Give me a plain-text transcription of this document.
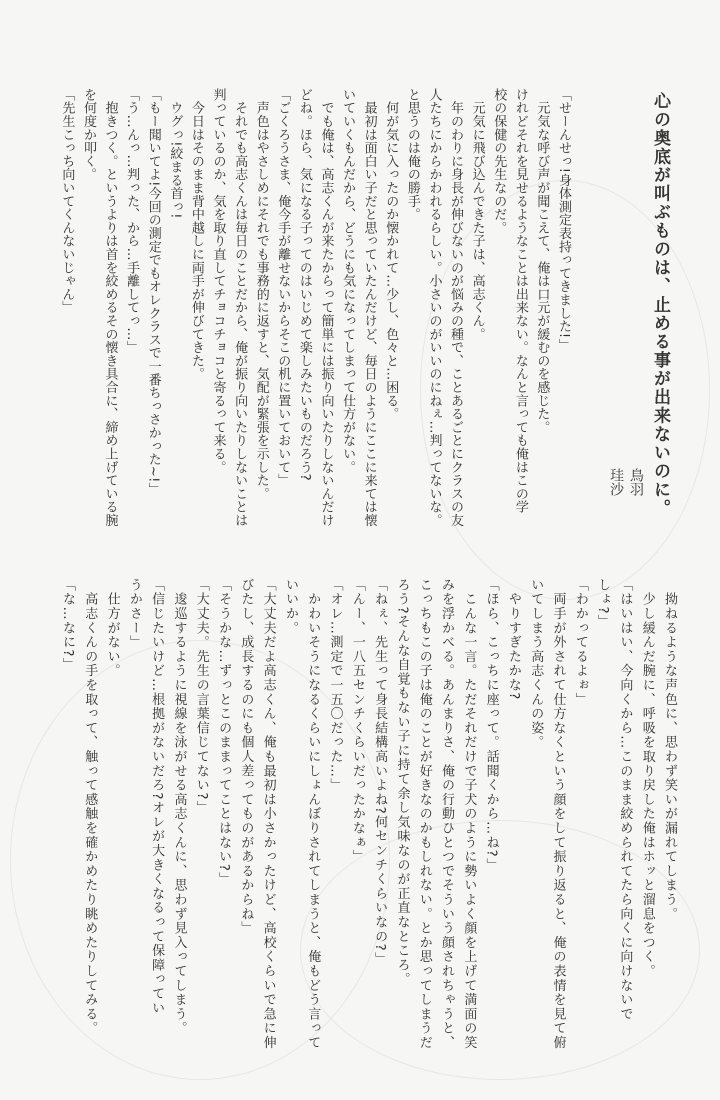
心の奥底が叫ぶものは、止める事が出来ないのに。
鳥羽
珪沙

「せーんせっ!身体測定表持ってきました!」

　元気な呼び声が聞こえて、俺は口元が緩むのを感じた。

けれどそれを見せるようなことは出来ない。なんと言っても俺はこの学

校の保健の先生なのだ。

　元気に飛び込んできた子は、高志くん。

　年のわりに身長が伸びないのが悩みの種で、ことあるごとにクラスの友

人たちにからかわれるらしい。小さいのがいいのにねぇ…判ってないな。

と思うのは俺の勝手。

　何が気に入ったのか懐かれて…少し、色々と…困る。

　最初は面白い子だと思っていたんだけど、毎日のようにここに来ては懐

いていくもんだから、どうにも気になってしまって仕方がない。

　でも俺は、高志くんが来たからって簡単には振り向いたりしないんだけ

どね。ほら、気になる子ってのはいじめて楽しみたいものだろう?

「ごくろうさま、俺今手が離せないからそこの机に置いておいて」

　声色はやさしめにそれでも事務的に返すと、気配が緊張を示した。

　それでも高志くんは毎日のことだから、俺が振り向いたりしないことは

判っているのか、気を取り直してチョコチョコと寄るって来る。

　今日はそのまま背中越しに両手が伸びてきた。

　ウグっ!絞まる首っ!

「もー聞いてよ!今回の測定でもオレクラスで一番ちっさかった~!」

「う…んっ…判った、から…手離してっ…」

　抱きつく。というよりは首を絞めるその懐き具合に、締め上げている腕

を何度か叩く。

「先生こっち向いてくんないじゃん」

　拗ねるような声色に、思わず笑いが漏れてしまう。

　少し緩んだ腕に、呼吸を取り戻した俺はホッと溜息をつく。

「はいはい、今向くから…このまま絞められてたら向くに向けないで

しょ?」

「わかってるよぉ」

　両手が外されて仕方なくという顔をして振り返ると、俺の表情を見て俯

いてしまう高志くんの姿。

　やりすぎたかな?

「ほら、こっちに座って。話聞くから…ね?」

　こんな一言。ただそれだけで子犬のように勢いよく顔を上げて満面の笑

みを浮かべる。あんまりさ、俺の行動ひとつでそういう顔されちゃうと、

こっちもこの子は俺のことが好きなのかもしれない。とか思ってしまうだ

ろう?そんな自覚もない子に持て余し気味なのが正直なところ。

「ねぇ、先生って身長結構高いよね?何センチくらいなの?」

「んー、一八五センチくらいだったかなぁ」

「オレ…測定で一五〇だった…」

　かわいそうになるくらいにしょんぼりされてしまうと、俺もどう言って

いいか。

「大丈夫だよ高志くん、俺も最初は小さかったけど、高校くらいで急に伸

びたし、成長するのにも個人差ってものがあるからね」

「そうかな…ずっとこのままってことはない?」

「大丈夫。先生の言葉信じてない?」

　逡巡するように視線を泳がせる高志くんに、思わず見入ってしまう。

「信じたいけど…根拠がないだろ?オレが大きくなるって保障ってい

うかさー」

　仕方がない。

　高志くんの手を取って、触って感触を確かめたり眺めたりしてみる。

「な…なに?」
